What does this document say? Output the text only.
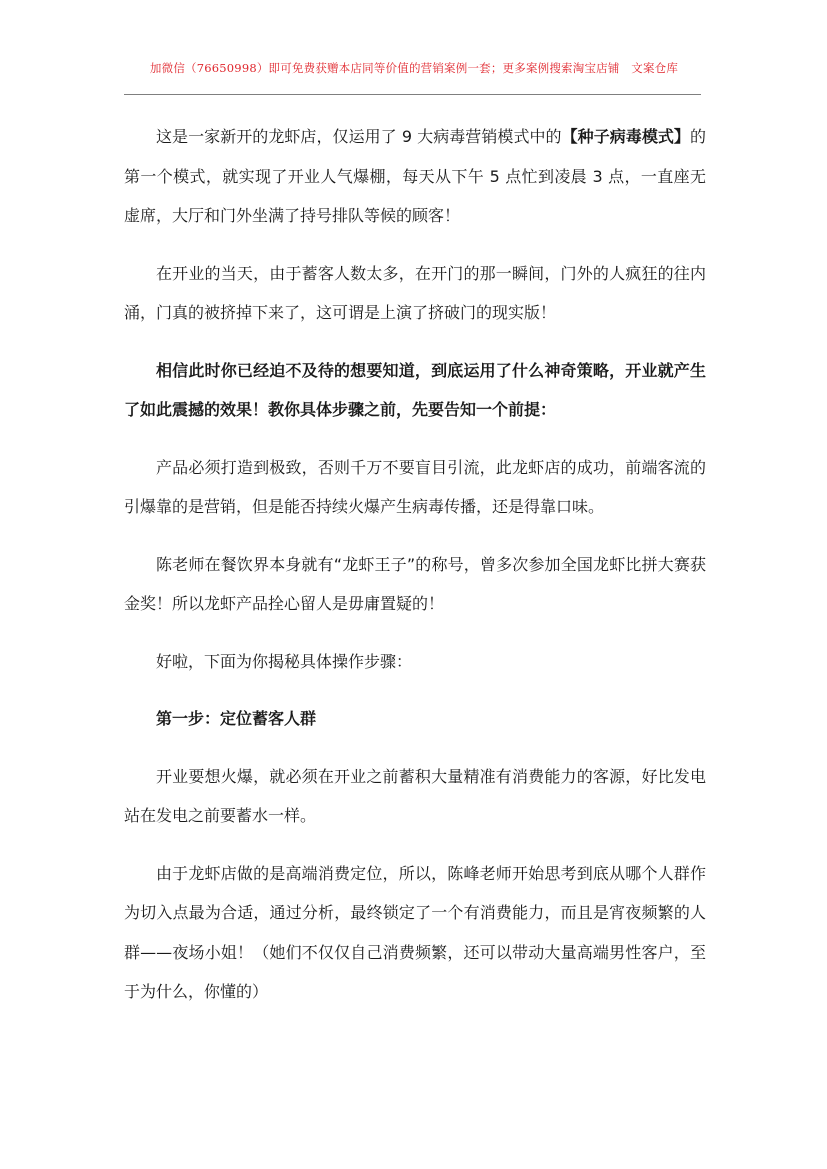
加微信（76650998）即可免费获赠本店同等价值的营销案例一套；更多案例搜索淘宝店铺　文案仓库

这是一家新开的龙虾店，仅运用了 9 大病毒营销模式中的【种子病毒模式】的第一个模式，就实现了开业人气爆棚，每天从下午 5 点忙到凌晨 3 点，一直座无虚席，大厅和门外坐满了持号排队等候的顾客！

在开业的当天，由于蓄客人数太多，在开门的那一瞬间，门外的人疯狂的往内涌，门真的被挤掉下来了，这可谓是上演了挤破门的现实版！

相信此时你已经迫不及待的想要知道，到底运用了什么神奇策略，开业就产生了如此震撼的效果！教你具体步骤之前，先要告知一个前提：

产品必须打造到极致，否则千万不要盲目引流，此龙虾店的成功，前端客流的引爆靠的是营销，但是能否持续火爆产生病毒传播，还是得靠口味。

陈老师在餐饮界本身就有“龙虾王子”的称号，曾多次参加全国龙虾比拼大赛获金奖！所以龙虾产品拴心留人是毋庸置疑的！

好啦，下面为你揭秘具体操作步骤：

第一步：定位蓄客人群

开业要想火爆，就必须在开业之前蓄积大量精准有消费能力的客源，好比发电站在发电之前要蓄水一样。

由于龙虾店做的是高端消费定位，所以，陈峰老师开始思考到底从哪个人群作为切入点最为合适，通过分析，最终锁定了一个有消费能力，而且是宵夜频繁的人群——夜场小姐！（她们不仅仅自己消费频繁，还可以带动大量高端男性客户，至于为什么，你懂的）
